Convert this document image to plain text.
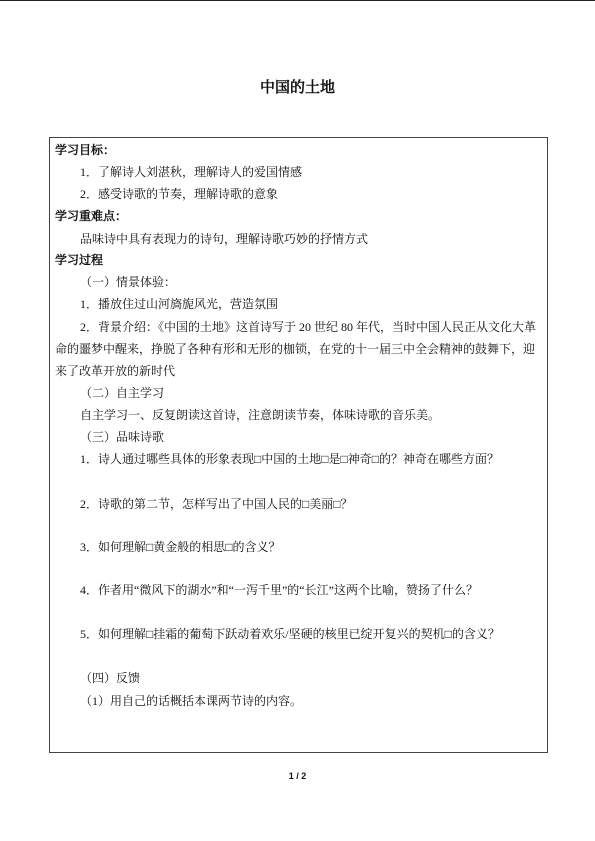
中国的土地
学习目标：
1．了解诗人刘湛秋，理解诗人的爱国情感
2．感受诗歌的节奏，理解诗歌的意象
学习重难点：
品味诗中具有表现力的诗句，理解诗歌巧妙的抒情方式
学习过程
（一）情景体验：
1．播放住过山河旖旎风光，营造氛围
2．背景介绍：《中国的土地》这首诗写于 20 世纪 80 年代，当时中国人民正从文化大革
命的噩梦中醒来，挣脱了各种有形和无形的枷锁，在党的十一届三中全会精神的鼓舞下，迎
来了改革开放的新时代
（二）自主学习
自主学习一、反复朗读这首诗，注意朗读节奏，体味诗歌的音乐美。
（三）品味诗歌
1．诗人通过哪些具体的形象表现□中国的土地□是□神奇□的？神奇在哪些方面？
2．诗歌的第二节，怎样写出了中国人民的□美丽□？
3．如何理解□黄金般的相思□的含义？
4．作者用“微风下的湖水”和“一泻千里”的“长江”这两个比喻，赞扬了什么？
5．如何理解□挂霜的葡萄下跃动着欢乐/坚硬的核里已绽开复兴的契机□的含义？
（四）反馈
（1）用自己的话概括本课两节诗的内容。
1 / 2
